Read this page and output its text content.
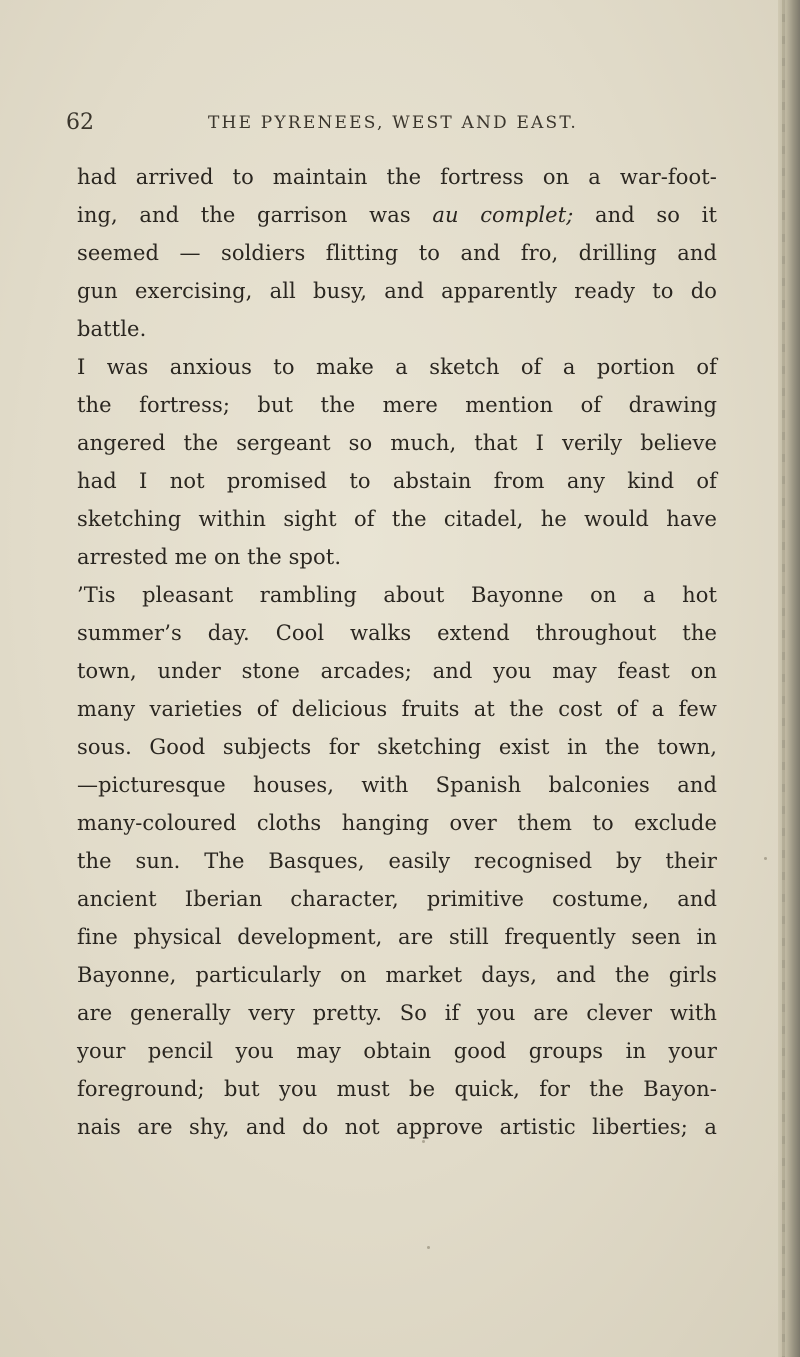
62	THE PYRENEES, WEST AND EAST.
had arrived to maintain the fortress on a war-foot-
ing, and the garrison was au complet; and so it
seemed — soldiers flitting to and fro, drilling and
gun exercising, all busy, and apparently ready to do
battle.
I was anxious to make a sketch of a portion of
the fortress; but the mere mention of drawing
angered the sergeant so much, that I verily believe
had I not promised to abstain from any kind of
sketching within sight of the citadel, he would have
arrested me on the spot.
’Tis pleasant rambling about Bayonne on a hot
summer’s day. Cool walks extend throughout the
town, under stone arcades; and you may feast on
many varieties of delicious fruits at the cost of a few
sous. Good subjects for sketching exist in the town,
—picturesque houses, with Spanish balconies and
many-coloured cloths hanging over them to exclude
the sun. The Basques, easily recognised by their
ancient Iberian character, primitive costume, and
fine physical development, are still frequently seen in
Bayonne, particularly on market days, and the girls
are generally very pretty. So if you are clever with
your pencil you may obtain good groups in your
foreground; but you must be quick, for the Bayon-
nais are shy, and do not approve artistic liberties; a
